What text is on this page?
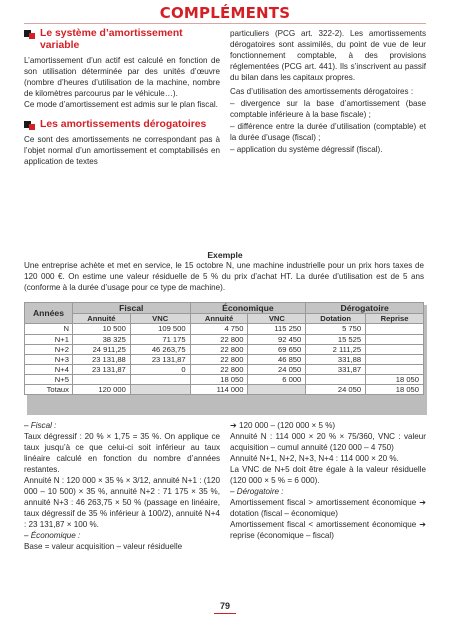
COMPLÉMENTS
Le système d’amortissement variable

L’amortissement d’un actif est calculé en fonction de son utilisation déterminée par des unités d’œuvre (nombre d’heures d’utilisation de la machine, nombre de kilomètres parcourus par le véhicule…).

Ce mode d’amortissement est admis sur le plan fiscal.

Les amortissements dérogatoires

Ce sont des amortissements ne correspondant pas à l’objet normal d’un amortissement et comptabilisés en application de textes

particuliers (PCG art. 322-2). Les amortissements dérogatoires sont assimilés, du point de vue de leur fonctionnement comptable, à des provisions réglementées (PCG art. 441). Ils s’inscrivent au passif du bilan dans les capitaux propres.

Cas d’utilisation des amortissements dérogatoires :

– divergence sur la base d’amortissement (base comptable inférieure à la base fiscale) ;

– différence entre la durée d’utilisation (comptable) et la durée d’usage (fiscal) ;

– application du système dégressif (fiscal).

Exemple

Une entreprise achète et met en service, le 15 octobre N, une machine industrielle pour un prix hors taxes de 120 000 €. On estime une valeur résiduelle de 5 % du prix d’achat HT. La durée d’utilisation est de 5 ans (conforme à la durée d’usage pour ce type de machine).

Années	Fiscal		Économique		Dérogatoire	
	Annuité	VNC	Annuité	VNC	Dotation	Reprise
N	10 500	109 500	4 750	115 250	5 750	
N+1	38 325	71 175	22 800	92 450	15 525	
N+2	24 911,25	46 263,75	22 800	69 650	2 111,25	
N+3	23 131,88	23 131,87	22 800	46 850	331,88	
N+4	23 131,87	0	22 800	24 050	331,87	
N+5			18 050	6 000		18 050
Totaux	120 000		114 000		24 050	18 050

– Fiscal :

Taux dégressif : 20 % × 1,75 = 35 %. On applique ce taux jusqu’à ce que celui-ci soit inférieur au taux linéaire calculé en fonction du nombre d’années restantes.

Annuité N : 120 000 × 35 % × 3/12, annuité N+1 : (120 000 – 10 500) × 35 %, annuité N+2 : 71 175 × 35 %, annuité N+3 : 46 263,75 × 50 % (passage en linéaire, taux dégressif de 35 % inférieur à 100/2), annuité N+4 : 23 131,87 × 100 %.

– Économique :

Base = valeur acquisition – valeur résiduelle

➔ 120 000 – (120 000 × 5 %)

Annuité N : 114 000 × 20 % × 75/360, VNC : valeur acquisition – cumul annuité (120 000 – 4 750)

Annuité N+1, N+2, N+3, N+4 : 114 000 × 20 %.

La VNC de N+5 doit être égale à la valeur résiduelle (120 000 × 5 % = 6 000).

– Dérogatoire :

Amortissement fiscal > amortissement économique ➔ dotation (fiscal – économique)

Amortissement fiscal < amortissement économique ➔ reprise (économique – fiscal)

79
